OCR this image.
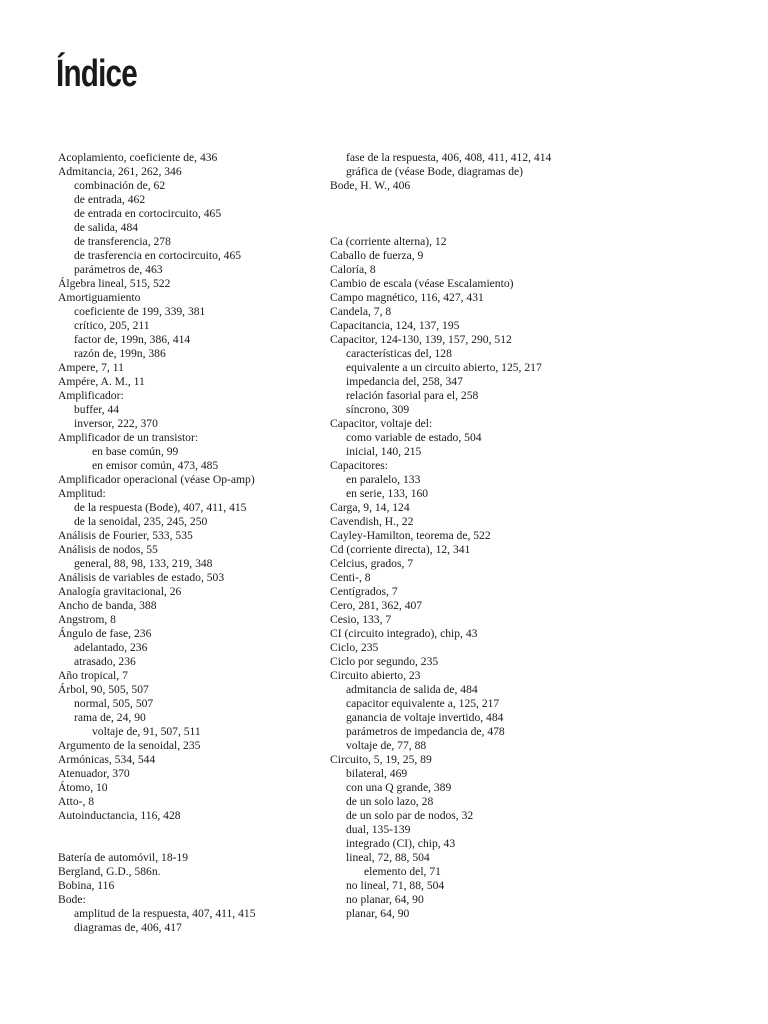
Índice
Acoplamiento, coeficiente de, 436
Admitancia, 261, 262, 346
combinación de, 62
de entrada, 462
de entrada en cortocircuito, 465
de salida, 484
de transferencia, 278
de trasferencia en cortocircuito, 465
parámetros de, 463
Álgebra lineal, 515, 522
Amortiguamiento
coeficiente de 199, 339, 381
crítico, 205, 211
factor de, 199n, 386, 414
razón de, 199n, 386
Ampere, 7, 11
Ampére, A. M., 11
Amplificador:
buffer, 44
inversor, 222, 370
Amplificador de un transistor:
en base común, 99
en emisor común, 473, 485
Amplificador operacional (véase Op-amp)
Amplitud:
de la respuesta (Bode), 407, 411, 415
de la senoidal, 235, 245, 250
Análisis de Fourier, 533, 535
Análisis de nodos, 55
general, 88, 98, 133, 219, 348
Análisis de variables de estado, 503
Analogía gravitacional, 26
Ancho de banda, 388
Angstrom, 8
Ángulo de fase, 236
adelantado, 236
atrasado, 236
Año tropical, 7
Árbol, 90, 505, 507
normal, 505, 507
rama de, 24, 90
voltaje de, 91, 507, 511
Argumento de la senoidal, 235
Armónicas, 534, 544
Atenuador, 370
Átomo, 10
Atto-, 8
Autoinductancia, 116, 428
Batería de automóvil, 18-19
Bergland, G.D., 586n.
Bobina, 116
Bode:
amplitud de la respuesta, 407, 411, 415
diagramas de, 406, 417
fase de la respuesta, 406, 408, 411, 412, 414
gráfica de (véase Bode, diagramas de)
Bode, H. W., 406
Ca (corriente alterna), 12
Caballo de fuerza, 9
Caloría, 8
Cambio de escala (véase Escalamiento)
Campo magnético, 116, 427, 431
Candela, 7, 8
Capacitancia, 124, 137, 195
Capacitor, 124-130, 139, 157, 290, 512
características del, 128
equivalente a un circuito abierto, 125, 217
impedancia del, 258, 347
relación fasorial para el, 258
síncrono, 309
Capacitor, voltaje del:
como variable de estado, 504
inicial, 140, 215
Capacitores:
en paralelo, 133
en serie, 133, 160
Carga, 9, 14, 124
Cavendish, H., 22
Cayley-Hamilton, teorema de, 522
Cd (corriente directa), 12, 341
Celcius, grados, 7
Centi-, 8
Centígrados, 7
Cero, 281, 362, 407
Cesio, 133, 7
CI (circuito integrado), chip, 43
Ciclo, 235
Ciclo por segundo, 235
Circuito abierto, 23
admitancia de salida de, 484
capacitor equivalente a, 125, 217
ganancia de voltaje invertido, 484
parámetros de impedancia de, 478
voltaje de, 77, 88
Circuito, 5, 19, 25, 89
bilateral, 469
con una Q grande, 389
de un solo lazo, 28
de un solo par de nodos, 32
dual, 135-139
integrado (CI), chip, 43
lineal, 72, 88, 504
elemento del, 71
no lineal, 71, 88, 504
no planar, 64, 90
planar, 64, 90
